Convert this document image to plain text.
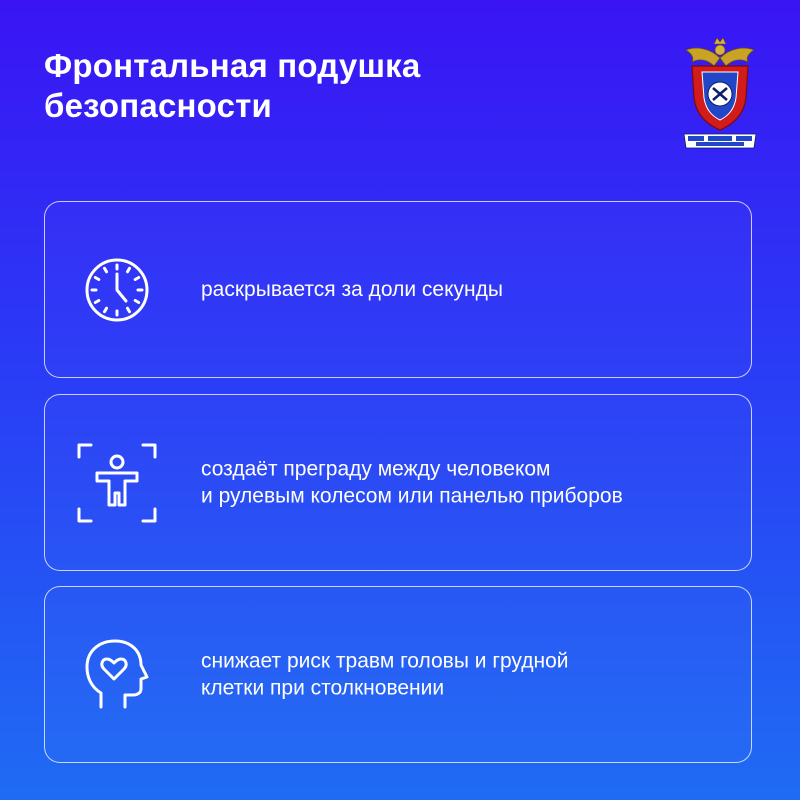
Фронтальная подушка
безопасности
раскрывается за доли секунды
создаёт преграду между человеком
и рулевым колесом или панелью приборов
снижает риск травм головы и грудной
клетки при столкновении
